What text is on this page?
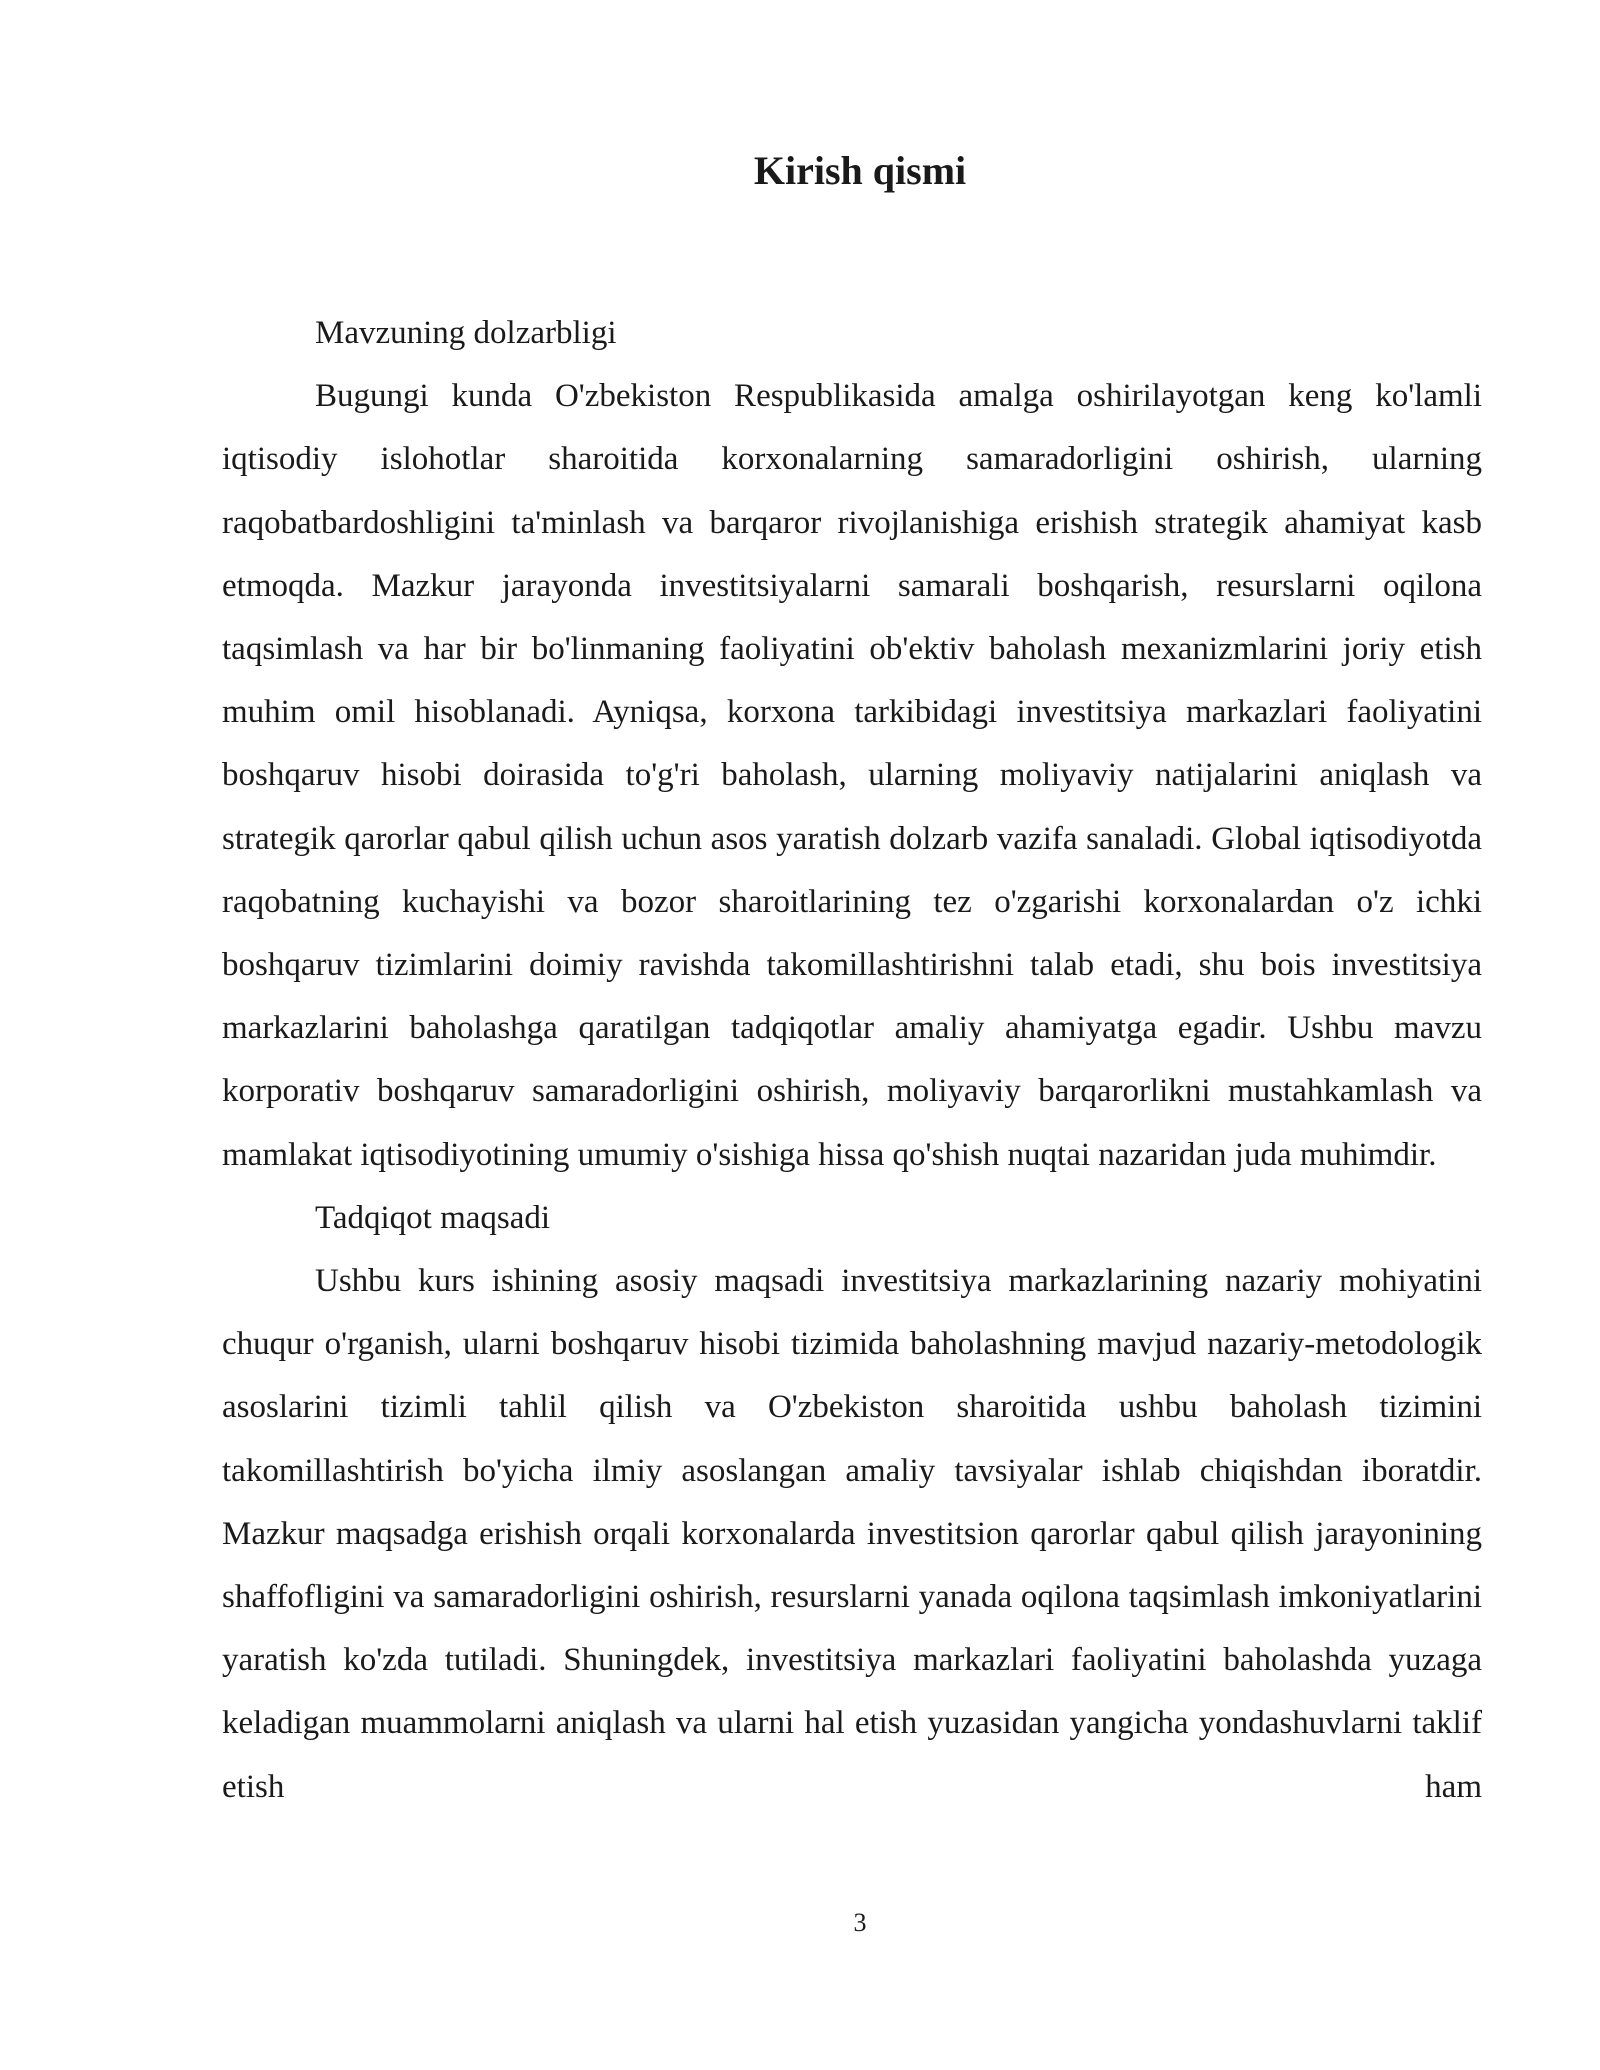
Kirish qismi

Mavzuning dolzarbligi

Bugungi kunda O'zbekiston Respublikasida amalga oshirilayotgan keng ko'lamli iqtisodiy islohotlar sharoitida korxonalarning samaradorligini oshirish, ularning raqobatbardoshligini ta'minlash va barqaror rivojlanishiga erishish strategik ahamiyat kasb etmoqda. Mazkur jarayonda investitsiyalarni samarali boshqarish, resurslarni oqilona taqsimlash va har bir bo'linmaning faoliyatini ob'ektiv baholash mexanizmlarini joriy etish muhim omil hisoblanadi. Ayniqsa, korxona tarkibidagi investitsiya markazlari faoliyatini boshqaruv hisobi doirasida to'g'ri baholash, ularning moliyaviy natijalarini aniqlash va strategik qarorlar qabul qilish uchun asos yaratish dolzarb vazifa sanaladi. Global iqtisodiyotda raqobatning kuchayishi va bozor sharoitlarining tez o'zgarishi korxonalardan o'z ichki boshqaruv tizimlarini doimiy ravishda takomillashtirishni talab etadi, shu bois investitsiya markazlarini baholashga qaratilgan tadqiqotlar amaliy ahamiyatga egadir. Ushbu mavzu korporativ boshqaruv samaradorligini oshirish, moliyaviy barqarorlikni mustahkamlash va mamlakat iqtisodiyotining umumiy o'sishiga hissa qo'shish nuqtai nazaridan juda muhimdir.

Tadqiqot maqsadi

Ushbu kurs ishining asosiy maqsadi investitsiya markazlarining nazariy mohiyatini chuqur o'rganish, ularni boshqaruv hisobi tizimida baholashning mavjud nazariy-metodologik asoslarini tizimli tahlil qilish va O'zbekiston sharoitida ushbu baholash tizimini takomillashtirish bo'yicha ilmiy asoslangan amaliy tavsiyalar ishlab chiqishdan iboratdir. Mazkur maqsadga erishish orqali korxonalarda investitsion qarorlar qabul qilish jarayonining shaffofligini va samaradorligini oshirish, resurslarni yanada oqilona taqsimlash imkoniyatlarini yaratish ko'zda tutiladi. Shuningdek, investitsiya markazlari faoliyatini baholashda yuzaga keladigan muammolarni aniqlash va ularni hal etish yuzasidan yangicha yondashuvlarni taklif etish ham

3
